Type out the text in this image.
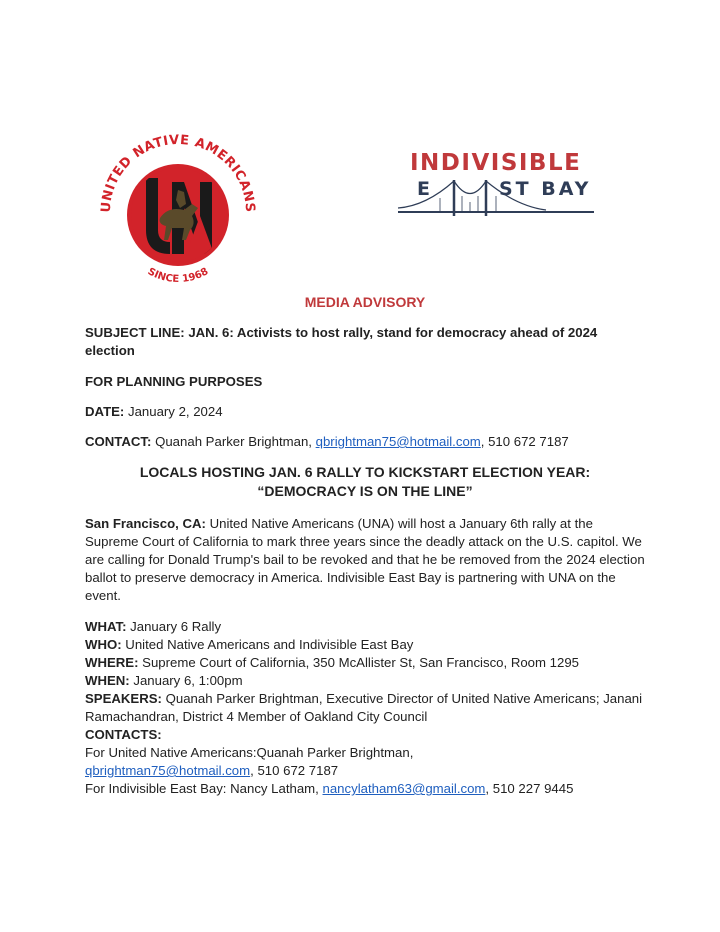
UNITED NATIVE AMERICANS
SINCE 1968
INDIVISIBLE
E	ST BAY
MEDIA ADVISORY
SUBJECT LINE: JAN. 6: Activists to host rally, stand for democracy ahead of 2024 election
FOR PLANNING PURPOSES
DATE: January 2, 2024
CONTACT: Quanah Parker Brightman, qbrightman75@hotmail.com, 510 672 7187
LOCALS HOSTING JAN. 6 RALLY TO KICKSTART ELECTION YEAR:
“DEMOCRACY IS ON THE LINE”
San Francisco, CA: United Native Americans (UNA) will host a January 6th rally at the Supreme Court of California to mark three years since the deadly attack on the U.S. capitol. We are calling for Donald Trump's bail to be revoked and that he be removed from the 2024 election ballot to preserve democracy in America. Indivisible East Bay is partnering with UNA on the event.
WHAT: January 6 Rally
WHO: United Native Americans and Indivisible East Bay
WHERE: Supreme Court of California, 350 McAllister St, San Francisco, Room 1295
WHEN: January 6, 1:00pm
SPEAKERS: Quanah Parker Brightman, Executive Director of United Native Americans; Janani Ramachandran, District 4 Member of Oakland City Council
CONTACTS:
For United Native Americans:Quanah Parker Brightman,
qbrightman75@hotmail.com, 510 672 7187
For Indivisible East Bay: Nancy Latham, nancylatham63@gmail.com, 510 227 9445
